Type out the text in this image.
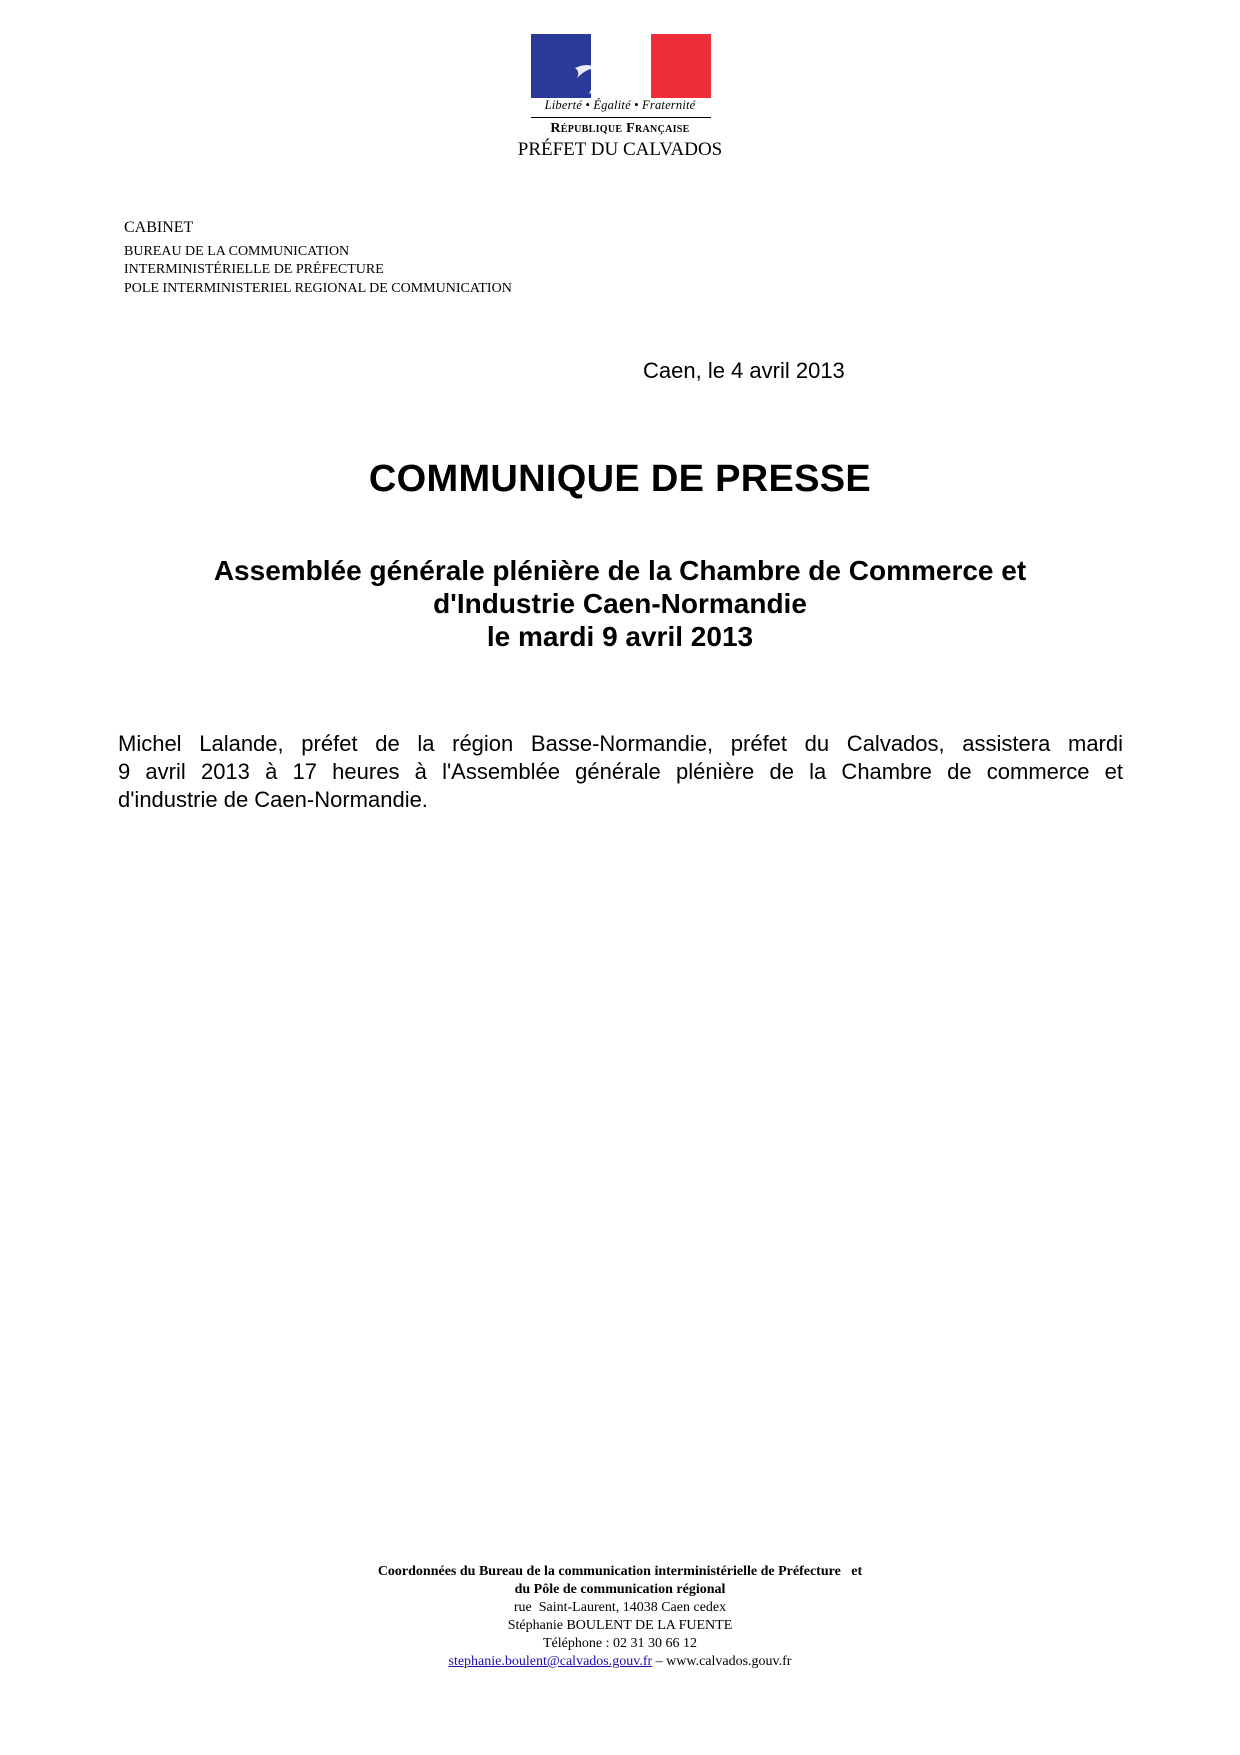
Liberté • Égalité • Fraternité
République Française
PRÉFET DU CALVADOS
CABINET
BUREAU DE LA COMMUNICATION
INTERMINISTÉRIELLE DE PRÉFECTURE
POLE INTERMINISTERIEL REGIONAL DE COMMUNICATION
Caen, le 4 avril 2013
COMMUNIQUE DE PRESSE
Assemblée générale plénière de la Chambre de Commerce et
d'Industrie Caen-Normandie
le mardi 9 avril 2013
Michel Lalande, préfet de la région Basse-Normandie, préfet du Calvados, assistera mardi
9 avril 2013 à 17 heures à l'Assemblée générale plénière de la Chambre de commerce et
d'industrie de Caen-Normandie.
Coordonnées du Bureau de la communication interministérielle de Préfecture   et
du Pôle de communication régional
rue  Saint-Laurent, 14038 Caen cedex
Stéphanie BOULENT DE LA FUENTE
Téléphone : 02 31 30 66 12
stephanie.boulent@calvados.gouv.fr – www.calvados.gouv.fr
